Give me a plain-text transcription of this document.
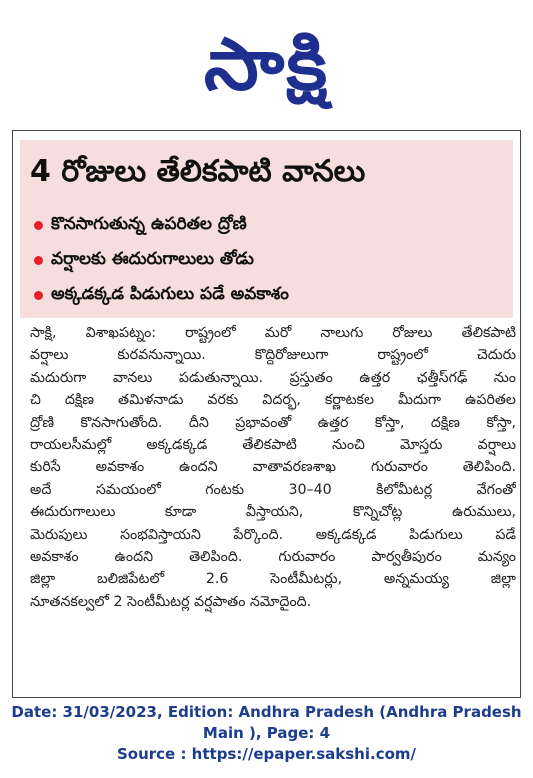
సాక్షి
4 రోజులు తేలికపాటి వానలు
కొనసాగుతున్న ఉపరితల ద్రోణి
వర్షాలకు ఈదురుగాలులు తోడు
అక్కడక్కడ పిడుగులు పడే అవకాశం
సాక్షి, విశాఖపట్నం: రాష్ట్రంలో మరో నాలుగు రోజులు తేలికపాటి
వర్షాలు కురవనున్నాయి. కొద్దిరోజులుగా రాష్ట్రంలో చెదురు
మదురుగా వానలు పడుతున్నాయి. ప్రస్తుతం ఉత్తర ఛత్తీస్‌గఢ్ నుం
చి దక్షిణ తమిళనాడు వరకు విదర్భ, కర్ణాటకల మీదుగా ఉపరితల
ద్రోణి కొనసాగుతోంది. దీని ప్రభావంతో ఉత్తర కోస్తా, దక్షిణ కోస్తా,
రాయలసీమల్లో అక్కడక్కడ తేలికపాటి నుంచి మోస్తరు వర్షాలు
కురిసే అవకాశం ఉందని వాతావరణశాఖ గురువారం తెలిపింది.
అదే సమయంలో గంటకు 30–40 కిలోమీటర్ల వేగంతో
ఈదురుగాలులు కూడా వీస్తాయని, కొన్నిచోట్ల ఉరుములు,
మెరుపులు సంభవిస్తాయని పేర్కొంది. అక్కడక్కడ పిడుగులు పడే
అవకాశం ఉందని తెలిపింది. గురువారం పార్వతీపురం మన్యం
జిల్లా బలిజిపేటలో 2.6 సెంటీమీటర్లు, అన్నమయ్య జిల్లా
నూతనకల్వలో 2 సెంటీమీటర్ల వర్షపాతం నమోదైంది.
Date: 31/03/2023, Edition: Andhra Pradesh (Andhra Pradesh
Main ), Page: 4
Source : https://epaper.sakshi.com/
